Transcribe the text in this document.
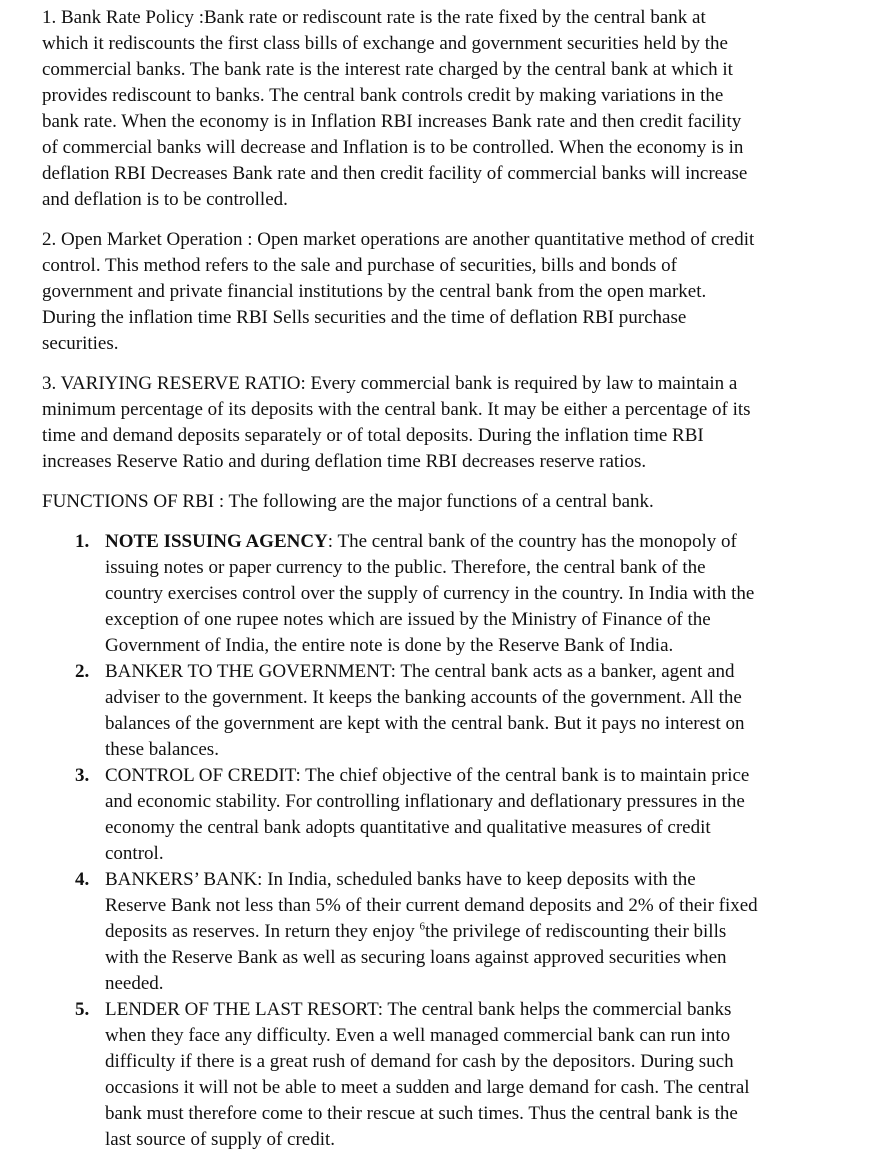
1. Bank Rate Policy :Bank rate or rediscount rate is the rate fixed by the central bank at
which it rediscounts the first class bills of exchange and government securities held by the
commercial banks. The bank rate is the interest rate charged by the central bank at which it
provides rediscount to banks. The central bank controls credit by making variations in the
bank rate. When the economy is in Inflation RBI increases Bank rate and then credit facility
of commercial banks will decrease and Inflation is to be controlled. When the economy is in
deflation RBI Decreases Bank rate and then credit facility of commercial banks will increase
and deflation is to be controlled.
2. Open Market Operation : Open market operations are another quantitative method of credit
control. This method refers to the sale and purchase of securities, bills and bonds of
government and private financial institutions by the central bank from the open market.
During the inflation time RBI Sells securities and the time of deflation RBI purchase
securities.
3. VARIYING RESERVE RATIO: Every commercial bank is required by law to maintain a
minimum percentage of its deposits with the central bank. It may be either a percentage of its
time and demand deposits separately or of total deposits. During the inflation time RBI
increases Reserve Ratio and during deflation time RBI decreases reserve ratios.
FUNCTIONS OF RBI : The following are the major functions of a central bank.
1. NOTE ISSUING AGENCY: The central bank of the country has the monopoly of
issuing notes or paper currency to the public. Therefore, the central bank of the
country exercises control over the supply of currency in the country. In India with the
exception of one rupee notes which are issued by the Ministry of Finance of the
Government of India, the entire note is done by the Reserve Bank of India.
2. BANKER TO THE GOVERNMENT: The central bank acts as a banker, agent and
adviser to the government. It keeps the banking accounts of the government. All the
balances of the government are kept with the central bank. But it pays no interest on
these balances.
3. CONTROL OF CREDIT: The chief objective of the central bank is to maintain price
and economic stability. For controlling inflationary and deflationary pressures in the
economy the central bank adopts quantitative and qualitative measures of credit
control.
4. BANKERS’ BANK: In India, scheduled banks have to keep deposits with the
Reserve Bank not less than 5% of their current demand deposits and 2% of their fixed
deposits as reserves. In return they enjoy $^6$the privilege of rediscounting their bills
with the Reserve Bank as well as securing loans against approved securities when
needed.
5. LENDER OF THE LAST RESORT: The central bank helps the commercial banks
when they face any difficulty. Even a well managed commercial bank can run into
difficulty if there is a great rush of demand for cash by the depositors. During such
occasions it will not be able to meet a sudden and large demand for cash. The central
bank must therefore come to their rescue at such times. Thus the central bank is the
last source of supply of credit.
